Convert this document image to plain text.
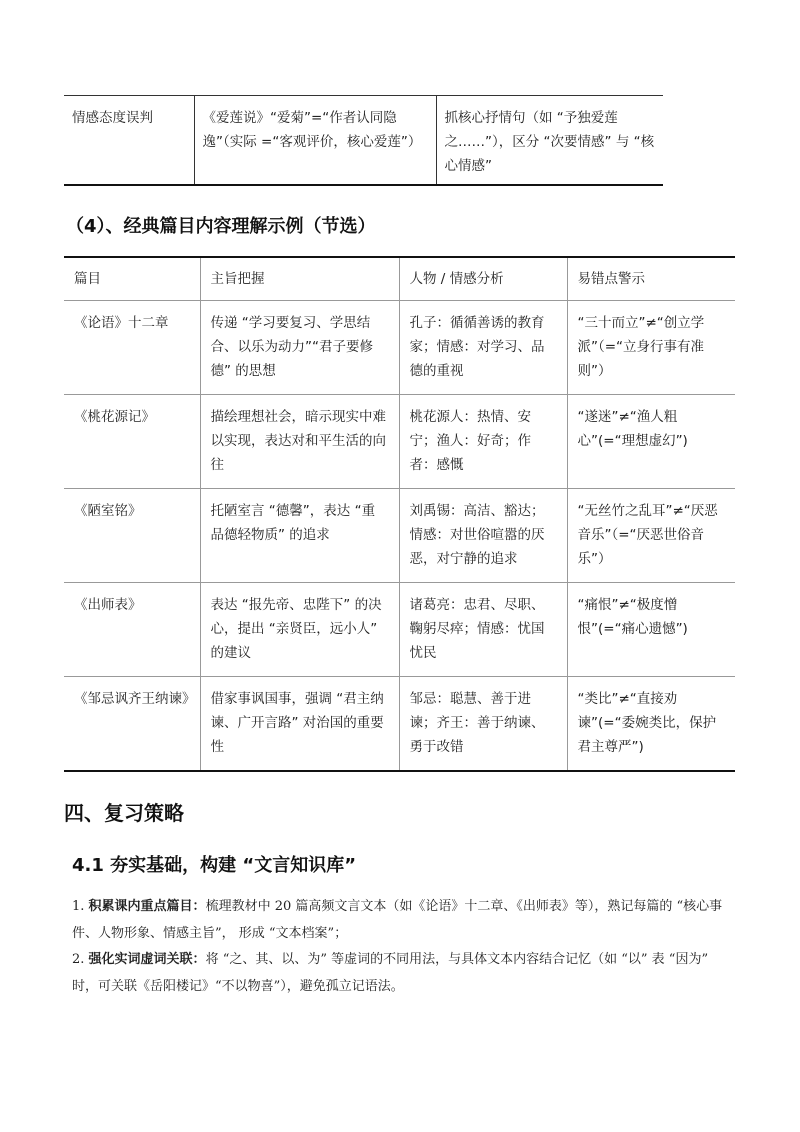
情感态度误判	《爱莲说》“爱菊”=“作者认同隐逸”（实际 =“客观评价，核心爱莲”）	抓核心抒情句（如 “予独爱莲之……”），区分 “次要情感” 与 “核心情感”
（4）、经典篇目内容理解示例（节选）
篇目	主旨把握	人物 / 情感分析	易错点警示
《论语》十二章	传递 “学习要复习、学思结合、以乐为动力”“君子要修德” 的思想	孔子：循循善诱的教育家；情感：对学习、品德的重视	“三十而立”≠“创立学派”（=“立身行事有准则”）
《桃花源记》	描绘理想社会，暗示现实中难以实现，表达对和平生活的向往	桃花源人：热情、安宁；渔人：好奇；作者：感慨	“遂迷”≠“渔人粗心”(=“理想虚幻”)
《陋室铭》	托陋室言 “德馨”，表达 “重品德轻物质” 的追求	刘禹锡：高洁、豁达；情感：对世俗喧嚣的厌恶，对宁静的追求	“无丝竹之乱耳”≠“厌恶音乐”（=“厌恶世俗音乐”）
《出师表》	表达 “报先帝、忠陛下” 的决心，提出 “亲贤臣，远小人” 的建议	诸葛亮：忠君、尽职、鞠躬尽瘁；情感：忧国忧民	“痛恨”≠“极度憎恨”(=“痛心遗憾”)
《邹忌讽齐王纳谏》	借家事讽国事，强调 “君主纳谏、广开言路” 对治国的重要性	邹忌：聪慧、善于进谏；齐王：善于纳谏、勇于改错	“类比”≠“直接劝谏”(=“委婉类比，保护君主尊严”)
四、复习策略
4.1 夯实基础，构建 “文言知识库”
1. 积累课内重点篇目：梳理教材中 20 篇高频文言文本（如《论语》十二章、《出师表》等），熟记每篇的 “核心事件、人物形象、情感主旨”， 形成 “文本档案”；
2. 强化实词虚词关联：将 “之、其、以、为” 等虚词的不同用法，与具体文本内容结合记忆（如 “以” 表 “因为” 时，可关联《岳阳楼记》“不以物喜”），避免孤立记语法。
